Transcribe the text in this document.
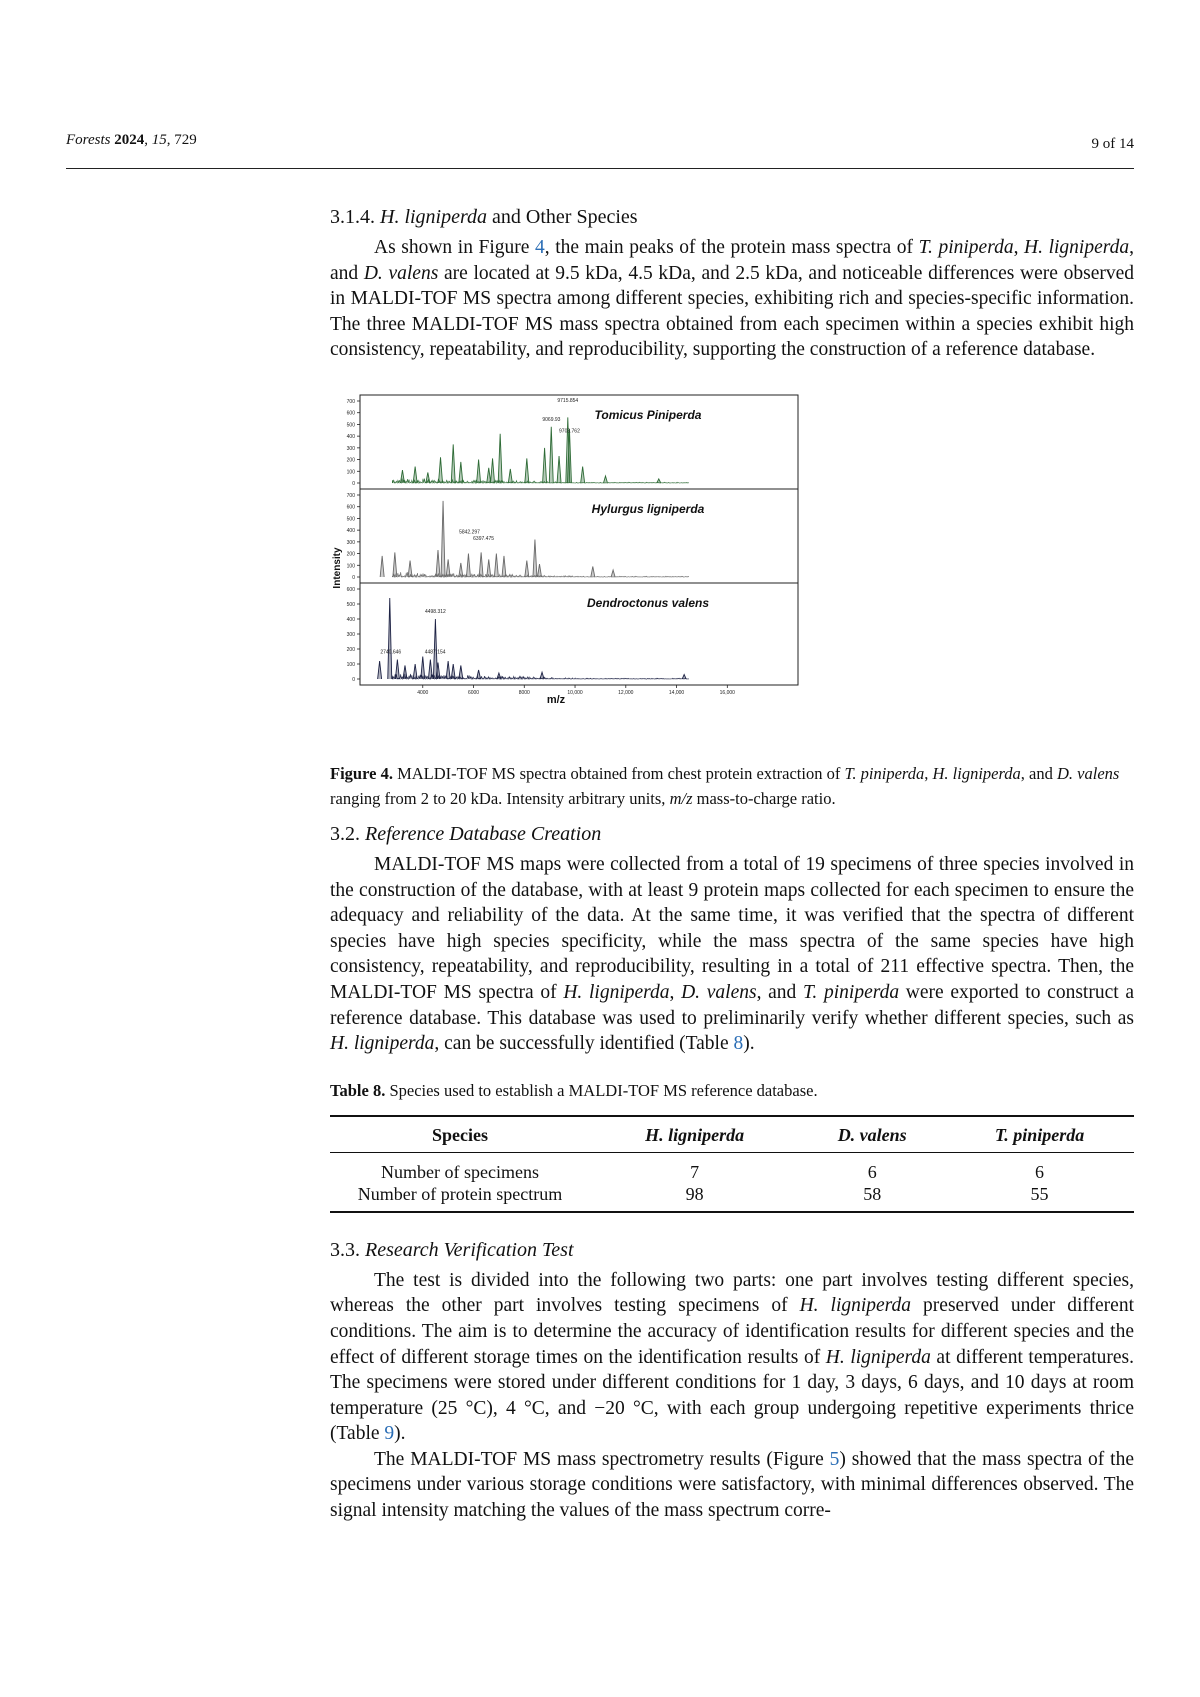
Forests 2024, 15, 729	9 of 14
3.1.4. H. ligniperda and Other Species

As shown in Figure 4, the main peaks of the protein mass spectra of T. piniperda, H. ligniperda, and D. valens are located at 9.5 kDa, 4.5 kDa, and 2.5 kDa, and noticeable differences were observed in MALDI-TOF MS spectra among different species, exhibiting rich and species-specific information. The three MALDI-TOF MS mass spectra obtained from each specimen within a species exhibit high consistency, repeatability, and reproducibility, supporting the construction of a reference database.

700
600
500
400
300
200
100
0
Tomicus Piniperda
9715.854
9069.93
9703.762
700
600
500
400
300
200
100
0
Hylurgus ligniperda
5842.297
6397.475
600
500
400
300
200
100
0
Dendroctonus valens
4498.312
2740.646	4487.154
4000	6000	8000	10,000	12,000	14,000	16,000
m/z
Intensity

Figure 4. MALDI-TOF MS spectra obtained from chest protein extraction of T. piniperda, H. ligniperda, and D. valens ranging from 2 to 20 kDa. Intensity arbitrary units, m/z mass-to-charge ratio.

3.2. Reference Database Creation

MALDI-TOF MS maps were collected from a total of 19 specimens of three species involved in the construction of the database, with at least 9 protein maps collected for each specimen to ensure the adequacy and reliability of the data. At the same time, it was verified that the spectra of different species have high species specificity, while the mass spectra of the same species have high consistency, repeatability, and reproducibility, resulting in a total of 211 effective spectra. Then, the MALDI-TOF MS spectra of H. ligniperda, D. valens, and T. piniperda were exported to construct a reference database. This database was used to preliminarily verify whether different species, such as H. ligniperda, can be successfully identified (Table 8).

Table 8. Species used to establish a MALDI-TOF MS reference database.
Species	H. ligniperda	D. valens	T. piniperda
Number of specimens	7	6	6
Number of protein spectrum	98	58	55
3.3. Research Verification Test

The test is divided into the following two parts: one part involves testing different species, whereas the other part involves testing specimens of H. ligniperda preserved under different conditions. The aim is to determine the accuracy of identification results for different species and the effect of different storage times on the identification results of H. ligniperda at different temperatures. The specimens were stored under different conditions for 1 day, 3 days, 6 days, and 10 days at room temperature (25 °C), 4 °C, and −20 °C, with each group undergoing repetitive experiments thrice (Table 9).

The MALDI-TOF MS mass spectrometry results (Figure 5) showed that the mass spectra of the specimens under various storage conditions were satisfactory, with minimal differences observed. The signal intensity matching the values of the mass spectrum corre-
